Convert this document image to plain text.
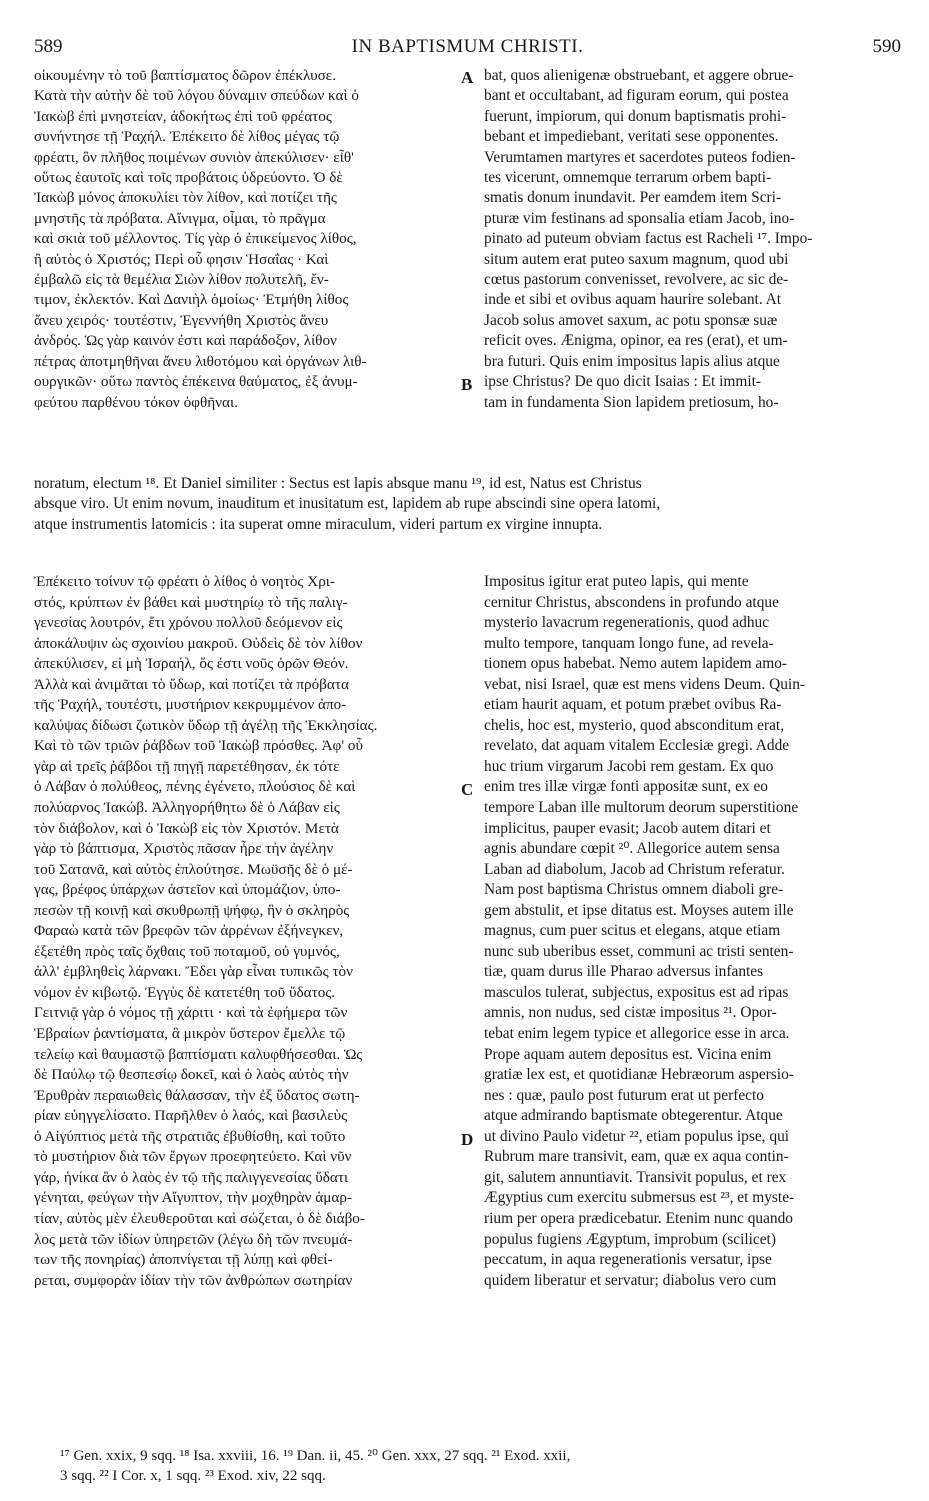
589	IN BAPTISMUM CHRISTI.	590
οἰκουμένην τὸ τοῦ βαπτίσματος δῶρον ἐπέκλυσε.
Κατὰ τὴν αὐτὴν δὲ τοῦ λόγου δύναμιν σπεύδων καὶ ὁ
Ἰακὼβ ἐπὶ μνηστείαν, ἀδοκήτως ἐπὶ τοῦ φρέατος
συνήντησε τῇ Ῥαχήλ. Ἐπέκειτο δὲ λίθος μέγας τῷ
φρέατι, ὃν πλῆθος ποιμένων συνιὸν ἀπεκύλισεν· εἶθ'
οὕτως ἑαυτοῖς καὶ τοῖς προβάτοις ὑδρεύοντο. Ὁ δὲ
Ἰακὼβ μόνος ἀποκυλίει τὸν λίθον, καὶ ποτίζει τῆς
μνηστῆς τὰ πρόβατα. Αἴνιγμα, οἶμαι, τὸ πρᾶγμα
καὶ σκιὰ τοῦ μέλλοντος. Τίς γὰρ ὁ ἐπικείμενος λίθος,
ἢ αὐτὸς ὁ Χριστός; Περὶ οὗ φησιν Ἡσαΐας · Καὶ
ἐμβαλῶ εἰς τὰ θεμέλια Σιὼν λίθον πολυτελῆ, ἔν-
τιμον, ἐκλεκτόν. Καὶ Δανιὴλ ὁμοίως· Ἐτμήθη λίθος
ἄνευ χειρός· τουτέστιν, Ἐγεννήθη Χριστὸς ἄνευ
ἀνδρός. Ὡς γὰρ καινόν ἐστι καὶ παράδοξον, λίθον
πέτρας ἀποτμηθῆναι ἄνευ λιθοτόμου καὶ ὀργάνων λιθ-
ουργικῶν· οὕτω παντὸς ἐπέκεινα θαύματος, ἐξ ἀνυμ-
φεύτου παρθένου τόκον ὀφθῆναι.
bat, quos alienigenæ obstruebant, et aggere obrue-
bant et occultabant, ad figuram eorum, qui postea
fuerunt, impiorum, qui donum baptismatis prohi-
bebant et impediebant, veritati sese opponentes.
Verumtamen martyres et sacerdotes puteos fodien-
tes vicerunt, omnemque terrarum orbem bapti-
smatis donum inundavit. Per eamdem item Scri-
pturæ vim festinans ad sponsalia etiam Jacob, ino-
pinato ad puteum obviam factus est Racheli ¹⁷. Impo-
situm autem erat puteo saxum magnum, quod ubi
cœtus pastorum convenisset, revolvere, ac sic de-
inde et sibi et ovibus aquam haurire solebant. At
Jacob solus amovet saxum, ac potu sponsæ suæ
reficit oves. Ænigma, opinor, ea res (erat), et um-
bra futuri. Quis enim impositus lapis alius atque
ipse Christus? De quo dicit Isaias : Et immit-
tam in fundamenta Sion lapidem pretiosum, ho-
noratum, electum ¹⁸. Et Daniel similiter : Sectus est lapis absque manu ¹⁹, id est, Natus est Christus
absque viro. Ut enim novum, inauditum et inusitatum est, lapidem ab rupe abscindi sine opera latomi,
atque instrumentis latomicis : ita superat omne miraculum, videri partum ex virgine innupta.
Ἐπέκειτο τοίνυν τῷ φρέατι ὁ λίθος ὁ νοητὸς Χρι-
στός, κρύπτων ἐν βάθει καὶ μυστηρίῳ τὸ τῆς παλιγ-
γενεσίας λουτρόν, ἔτι χρόνου πολλοῦ δεόμενον εἰς
ἀποκάλυψιν ὡς σχοινίου μακροῦ. Οὐδεὶς δὲ τὸν λίθον
ἀπεκύλισεν, εἰ μὴ Ἰσραήλ, ὅς ἐστι νοῦς ὁρῶν Θεόν.
Ἀλλὰ καὶ ἀνιμᾶται τὸ ὕδωρ, καὶ ποτίζει τὰ πρόβατα
τῆς Ῥαχήλ, τουτέστι, μυστήριον κεκρυμμένον ἀπο-
καλύψας δίδωσι ζωτικὸν ὕδωρ τῇ ἀγέλῃ τῆς Ἐκκλησίας.
Καὶ τὸ τῶν τριῶν ῥάβδων τοῦ Ἰακὼβ πρόσθες. Ἀφ' οὗ
γὰρ αἱ τρεῖς ῥάβδοι τῇ πηγῇ παρετέθησαν, ἐκ τότε
ὁ Λάβαν ὁ πολύθεος, πένης ἐγένετο, πλούσιος δὲ καὶ
πολύαρνος Ἰακώβ. Ἀλληγορήθητω δὲ ὁ Λάβαν εἰς
τὸν διάβολον, καὶ ὁ Ἰακὼβ εἰς τὸν Χριστόν. Μετὰ
γὰρ τὸ βάπτισμα, Χριστὸς πᾶσαν ἦρε τὴν ἀγέλην
τοῦ Σατανᾶ, καὶ αὐτὸς ἐπλούτησε. Μωϋσῆς δὲ ὁ μέ-
γας, βρέφος ὑπάρχων ἀστεῖον καὶ ὑπομάζιον, ὑπο-
πεσὼν τῇ κοινῇ καὶ σκυθρωπῇ ψήφῳ, ἣν ὁ σκληρὸς
Φαραὼ κατὰ τῶν βρεφῶν τῶν ἀρρένων ἐξήνεγκεν,
ἐξετέθη πρὸς ταῖς ὄχθαις τοῦ ποταμοῦ, οὐ γυμνός,
ἀλλ' ἐμβληθεὶς λάρνακι. Ἔδει γὰρ εἶναι τυπικῶς τὸν
νόμον ἐν κιβωτῷ. Ἐγγὺς δὲ κατετέθη τοῦ ὕδατος.
Γειτνιᾷ γὰρ ὁ νόμος τῇ χάριτι · καὶ τὰ ἐφήμερα τῶν
Ἑβραίων ῥαντίσματα, ἃ μικρὸν ὕστερον ἔμελλε τῷ
τελείῳ καὶ θαυμαστῷ βαπτίσματι καλυφθήσεσθαι. Ὡς
δὲ Παύλῳ τῷ θεσπεσίῳ δοκεῖ, καὶ ὁ λαὸς αὐτὸς τὴν
Ἐρυθρὰν περαιωθεὶς θάλασσαν, τὴν ἐξ ὕδατος σωτη-
ρίαν εὐηγγελίσατο. Παρῆλθεν ὁ λαός, καὶ βασιλεὺς
ὁ Αἰγύπτιος μετὰ τῆς στρατιᾶς ἐβυθίσθη, καὶ τοῦτο
τὸ μυστήριον διὰ τῶν ἔργων προεφητεύετο. Καὶ νῦν
γάρ, ἡνίκα ἂν ὁ λαὸς ἐν τῷ τῆς παλιγγενεσίας ὕδατι
γένηται, φεύγων τὴν Αἴγυπτον, τὴν μοχθηρὰν ἁμαρ-
τίαν, αὐτὸς μὲν ἐλευθεροῦται καὶ σώζεται, ὁ δὲ διάβο-
λος μετὰ τῶν ἰδίων ὑπηρετῶν (λέγω δὴ τῶν πνευμά-
των τῆς πονηρίας) ἀποπνίγεται τῇ λύπῃ καὶ φθεί-
ρεται, συμφορὰν ἰδίαν τὴν τῶν ἀνθρώπων σωτηρίαν
Impositus igitur erat puteo lapis, qui mente
cernitur Christus, abscondens in profundo atque
mysterio lavacrum regenerationis, quod adhuc
multo tempore, tanquam longo fune, ad revela-
tionem opus habebat. Nemo autem lapidem amo-
vebat, nisi Israel, quæ est mens videns Deum. Quin-
etiam haurit aquam, et potum præbet ovibus Ra-
chelis, hoc est, mysterio, quod absconditum erat,
revelato, dat aquam vitalem Ecclesiæ gregi. Adde
huc trium virgarum Jacobi rem gestam. Ex quo
enim tres illæ virgæ fonti appositæ sunt, ex eo
tempore Laban ille multorum deorum superstitione
implicitus, pauper evasit; Jacob autem ditari et
agnis abundare cœpit ²⁰. Allegorice autem sensa
Laban ad diabolum, Jacob ad Christum referatur.
Nam post baptisma Christus omnem diaboli gre-
gem abstulit, et ipse ditatus est. Moyses autem ille
magnus, cum puer scitus et elegans, atque etiam
nunc sub uberibus esset, communi ac tristi senten-
tiæ, quam durus ille Pharao adversus infantes
masculos tulerat, subjectus, expositus est ad ripas
amnis, non nudus, sed cistæ impositus ²¹. Opor-
tebat enim legem typice et allegorice esse in arca.
Prope aquam autem depositus est. Vicina enim
gratiæ lex est, et quotidianæ Hebræorum aspersio-
nes : quæ, paulo post futurum erat ut perfecto
atque admirando baptismate obtegerentur. Atque
ut divino Paulo videtur ²², etiam populus ipse, qui
Rubrum mare transivit, eam, quæ ex aqua contin-
git, salutem annuntiavit. Transivit populus, et rex
Ægyptius cum exercitu submersus est ²³, et myste-
rium per opera prædicebatur. Etenim nunc quando
populus fugiens Ægyptum, improbum (scilicet)
peccatum, in aqua regenerationis versatur, ipse
quidem liberatur et servatur; diabolus vero cum
A
B
C
D
¹⁷ Gen. xxix, 9 sqq. ¹⁸ Isa. xxviii, 16. ¹⁹ Dan. ii, 45. ²⁰ Gen. xxx, 27 sqq. ²¹ Exod. xxii,
3 sqq. ²² I Cor. x, 1 sqq. ²³ Exod. xiv, 22 sqq.
